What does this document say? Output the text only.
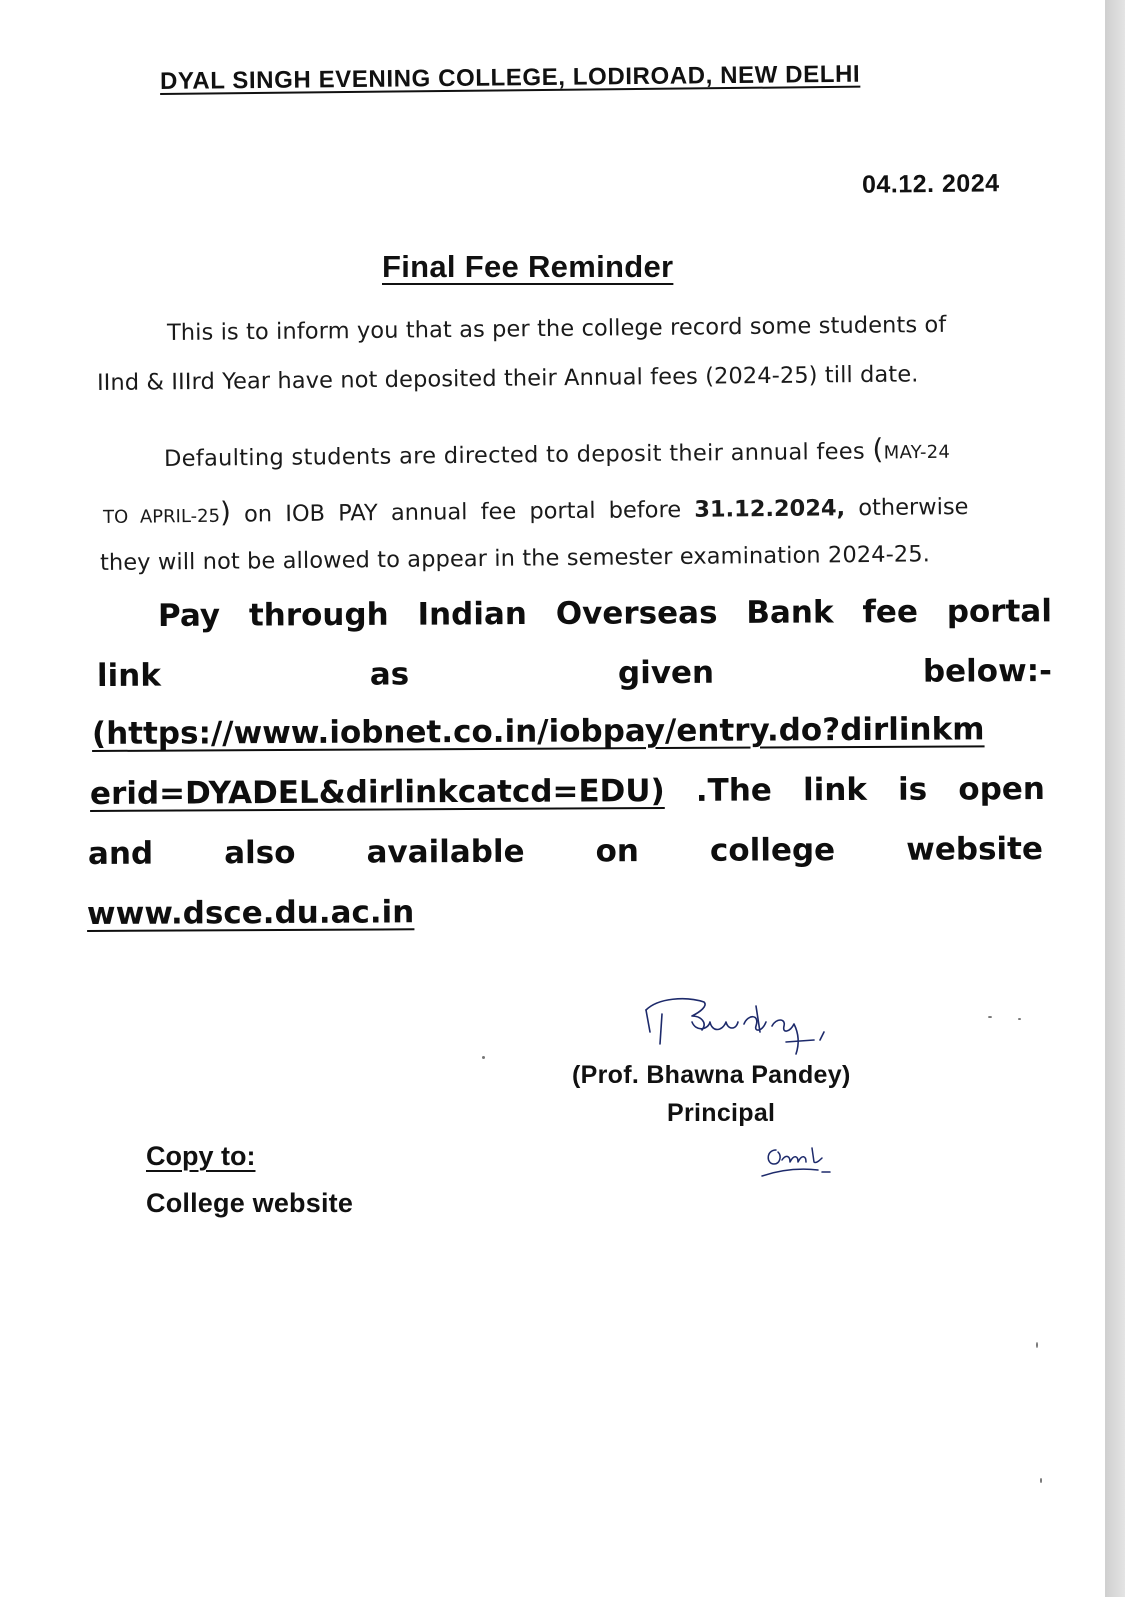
DYAL SINGH EVENING COLLEGE, LODIROAD, NEW DELHI
04.12. 2024
Final Fee Reminder
This is to inform you that as per the college record some students of
IInd & IIIrd Year have not deposited their Annual fees (2024-25) till date.
Defaulting students are directed to deposit their annual fees (MAY-24
TO APRIL-25) on IOB PAY annual fee portal before 31.12.2024, otherwise
they will not be allowed to appear in the semester examination 2024-25.
Pay through Indian Overseas Bank fee portal
link	as	given	below:-
(https://www.iobnet.co.in/iobpay/entry.do?dirlinkm
erid=DYADEL&dirlinkcatcd=EDU) .The link is open
and also available on college website
www.dsce.du.ac.in
(Prof. Bhawna Pandey)
Principal
Copy to:
College website
